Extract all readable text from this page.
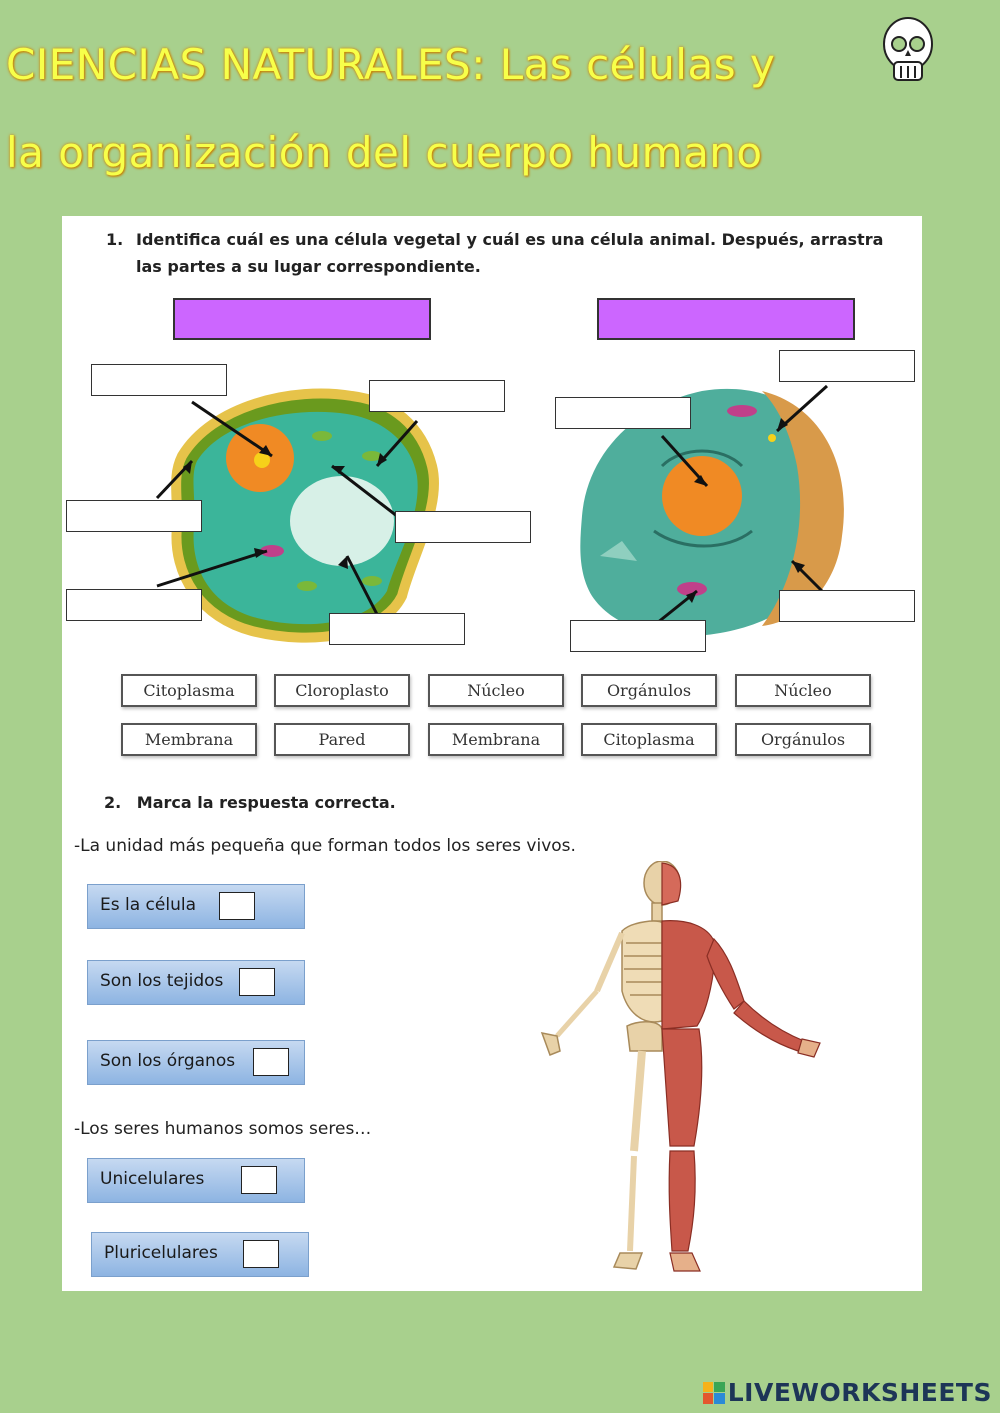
CIENCIAS NATURALES: Las células y
la organización del cuerpo humano
1. Identifica cuál es una célula vegetal y cuál es una célula animal. Después, arrastra las partes a su lugar correspondiente.
Citoplasma	Cloroplasto	Núcleo	Orgánulos	Núcleo
Membrana	Pared	Membrana	Citoplasma	Orgánulos
2. Marca la respuesta correcta.
-La unidad más pequeña que forman todos los seres vivos.
Es la célula
Son los tejidos
Son los órganos
-Los seres humanos somos seres…
Unicelulares
Pluricelulares
LIVEWORKSHEETS
